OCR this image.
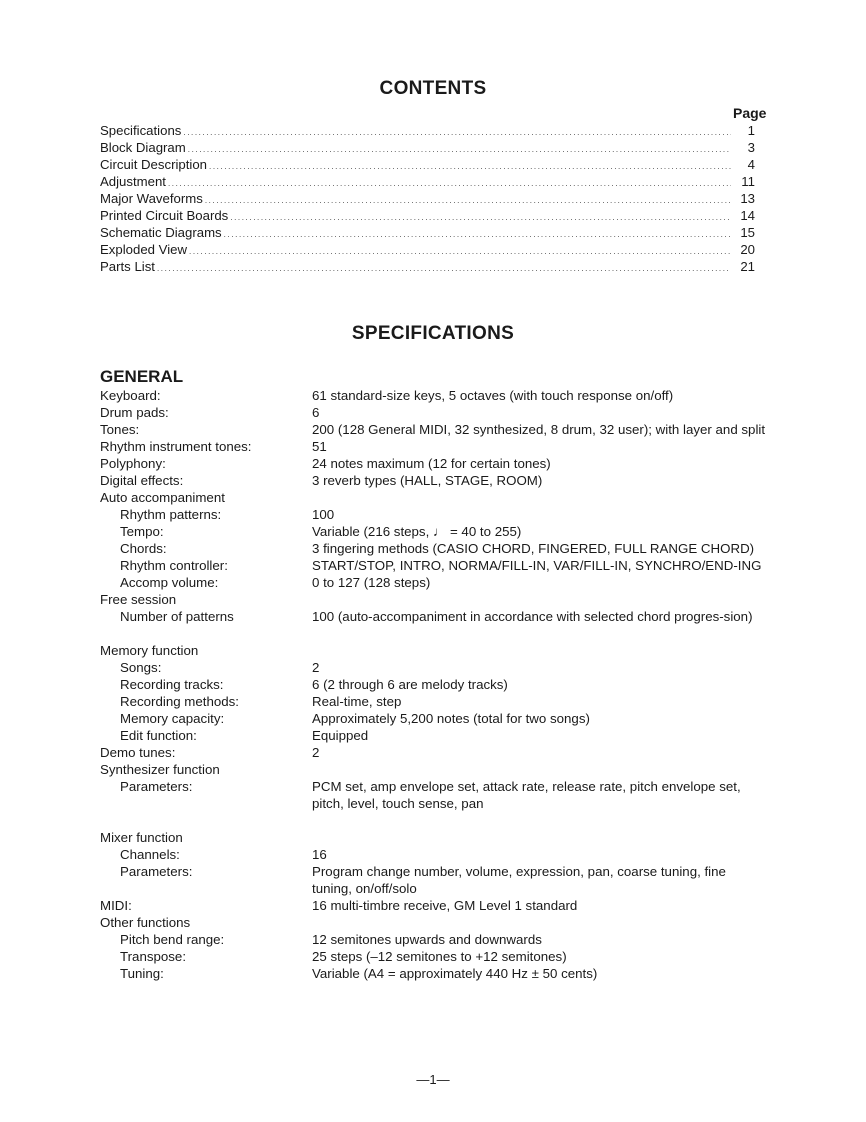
CONTENTS
Page
Specifications .....	1
Block Diagram .....	3
Circuit Description .....	4
Adjustment .....	11
Major Waveforms .....	13
Printed Circuit Boards .....	14
Schematic Diagrams .....	15
Exploded View .....	20
Parts List .....	21
SPECIFICATIONS
GENERAL
Keyboard:	61 standard-size keys, 5 octaves (with touch response on/off)
Drum pads:	6
Tones:	200 (128 General MIDI, 32 synthesized, 8 drum, 32 user); with layer and split
Rhythm instrument tones:	51
Polyphony:	24 notes maximum (12 for certain tones)
Digital effects:	3 reverb types (HALL, STAGE, ROOM)
Auto accompaniment
Rhythm patterns:	100
Tempo:	Variable (216 steps, ♩ = 40 to 255)
Chords:	3 fingering methods (CASIO CHORD, FINGERED, FULL RANGE CHORD)
Rhythm controller:	START/STOP, INTRO, NORMA/FILL-IN, VAR/FILL-IN, SYNCHRO/END-ING
Accomp volume:	0 to 127 (128 steps)
Free session
Number of patterns	100 (auto-accompaniment in accordance with selected chord progres-sion)
Memory function
Songs:	2
Recording tracks:	6 (2 through 6 are melody tracks)
Recording methods:	Real-time, step
Memory capacity:	Approximately 5,200 notes (total for two songs)
Edit function:	Equipped
Demo tunes:	2
Synthesizer function
Parameters:	PCM set, amp envelope set, attack rate, release rate, pitch envelope set, pitch, level, touch sense, pan
Mixer function
Channels:	16
Parameters:	Program change number, volume, expression, pan, coarse tuning, fine tuning, on/off/solo
MIDI:	16 multi-timbre receive, GM Level 1 standard
Other functions
Pitch bend range:	12 semitones upwards and downwards
Transpose:	25 steps (–12 semitones to +12 semitones)
Tuning:	Variable (A4 = approximately 440 Hz ± 50 cents)
—1—
